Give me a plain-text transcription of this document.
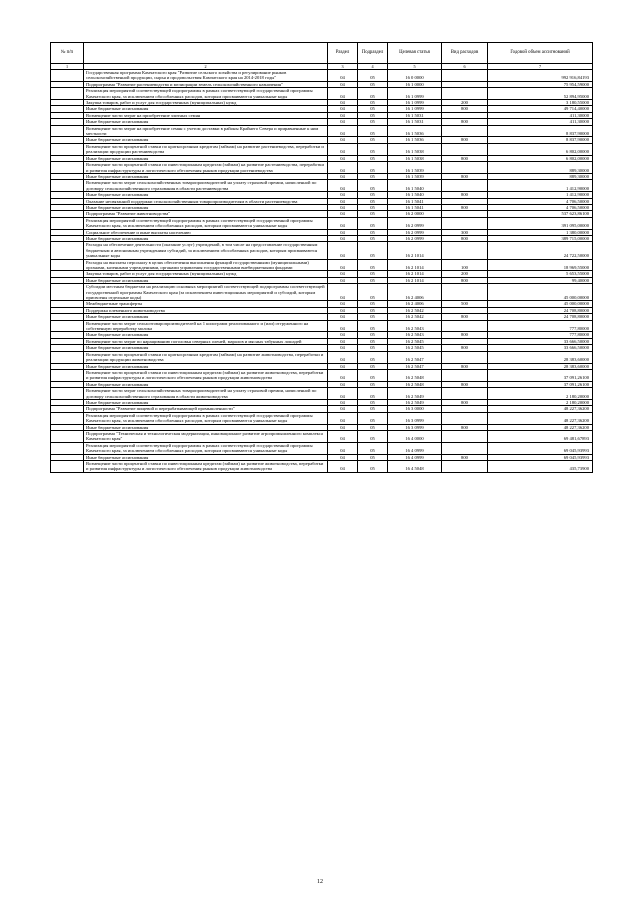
№ п/п		Раздел	Подраздел	Целевая статья	Вид расходов	Годовой объем ассигнований
1	2	3	4	5	6	7
	Государственная программа Камчатского края "Развитие сельского хозяйства и регулирование рынков сельскохозяйственной продукции, сырья и продовольствия Камчатского края на 2014-2018 годы"	04	05	16 0 0000		992 916,84193
	Подпрограмма "Развитие растениеводства и мелиорации земель сельскохозяйственного назначения"	04	05	16 1 0000		75 954,59000
	Реализация мероприятий соответствующей подпрограммы в рамках соответствующей государственной программы Камчатского края, за исключением обособленных расходов, которым присваиваются уникальные коды	04	05	16 1 0999		52 894,95000
	Закупка товаров, работ и услуг для государственных (муниципальных) нужд	04	05	16 1 0999	200	3 180,55000
	Иные бюджетные ассигнования	04	05	16 1 0999	800	49 714,40000
	Возмещение части затрат на приобретение элитных семян	04	05	16 1 5031		411,30000
	Иные бюджетные ассигнования	04	05	16 1 5031	800	411,30000
	Возмещение части затрат на приобретение семян с учетом доставки в районы Крайнего Севера и приравненные к ним местности	04	05	16 1 5036		8 837,90000
	Иные бюджетные ассигнования	04	05	16 1 5036	800	8 837,90000
	Возмещение части процентной ставки по краткосрочным кредитам (займам) на развитие растениеводства, переработки и реализации продукции растениеводства	04	05	16 1 5038		6 802,00000
	Иные бюджетные ассигнования	04	05	16 1 5038	800	6 802,00000
	Возмещение части процентной ставки по инвестиционным кредитам (займам) на развитие растениеводства, переработки и развития инфраструктуры и логистического обеспечения рынков продукции растениеводства	04	05	16 1 5039		889,30000
	Иные бюджетные ассигнования	04	05	16 1 5039	800	889,30000
	Возмещение части затрат сельскохозяйственных товаропроизводителей на уплату страховой премии, начисленной по договору сельскохозяйственного страхования в области растениеводства	04	05	16 1 5040		1 412,90000
	Иные бюджетные ассигнования	04	05	16 1 5040	800	1 412,90000
	Оказание несвязанной поддержки сельскохозяйственным товаропроизводителям в области растениеводства	04	05	16 1 5041		4 706,50000
	Иные бюджетные ассигнования	04	05	16 1 5041	800	4 706,50000
	Подпрограмма "Развитие животноводства"	04	05	16 2 0000		537 623,86100
	Реализация мероприятий соответствующей подпрограммы в рамках соответствующей государственной программы Камчатского края, за исключением обособленных расходов, которым присваиваются уникальные коды	04	05	16 2 0999		391 095,00000
	Социальное обеспечение и иные выплаты населению	04	05	16 2 0999	300	1 380,00000
	Иные бюджетные ассигнования	04	05	16 2 0999	800	389 715,00000
	Расходы на обеспечение деятельности (оказание услуг) учреждений, в том числе на предоставление государственным бюджетным и автономным учреждениям субсидий, за исключением обособленных расходов, которым присваиваются уникальные коды	04	05	16 2 1014		24 722,50000
	Расходы на выплаты персоналу в целях обеспечения выполнения функций государственными (муниципальными) органами, казенными учреждениями, органами управления государственными внебюджетными фондами	04	05	16 2 1014	100	18 969,55000
	Закупка товаров, работ и услуг для государственных (муниципальных) нужд	04	05	16 2 1014	200	5 653,55000
	Иные бюджетные ассигнования	04	05	16 2 1014	800	99,40000
	Субсидии местным бюджетам на реализацию основных мероприятий соответствующей подпрограммы соответствующей государственной программы Камчатского края (за исключением инвестиционных мероприятий и субсидий, которым присвоены отдельные коды)	04	05	16 2 4006		45 000,00000
	Межбюджетные трансферты	04	05	16 2 4006	500	45 000,00000
	Поддержка племенного животноводства	04	05	16 2 5042		24 708,80000
	Иные бюджетные ассигнования	04	05	16 2 5042	800	24 708,80000
	Возмещение части затрат сельхозтоваропроизводителей на 1 килограмм реализованного и (или) отгруженного на собственную переработку молока	04	05	16 2 5043		777,80000
	Иные бюджетные ассигнования	04	05	16 2 5043	800	777,80000
	Возмещение части затрат по наращиванию поголовья северных оленей, маралов и мясных табунных лошадей	04	05	16 2 5045		33 666,50000
	Иные бюджетные ассигнования	04	05	16 2 5045	800	33 666,50000
	Возмещение части процентной ставки по краткосрочным кредитам (займам) на развитие животноводства, переработки и реализации продукции животноводства	04	05	16 2 5047		28 383,60000
	Иные бюджетные ассигнования	04	05	16 2 5047	800	28 383,60000
	Возмещение части процентной ставки по инвестиционным кредитам (займам) на развитие животноводства, переработки и развития инфраструктуры и логистического обеспечения рынков продукции животноводства	04	05	16 2 5048		37 091,26100
	Иные бюджетные ассигнования	04	05	16 2 5048	800	37 091,26100
	Возмещение части затрат сельскохозяйственных товаропроизводителей на уплату страховой премии, начисленной по договору сельскохозяйственного страхования в области животноводства	04	05	16 2 5049		2 180,20000
	Иные бюджетные ассигнования	04	05	16 2 5049	800	2 180,20000
	Подпрограмма "Развитие пищевой и перерабатывающей промышленности"	04	05	16 3 0000		48 227,36200
	Реализация мероприятий соответствующей подпрограммы в рамках соответствующей государственной программы Камчатского края, за исключением обособленных расходов, которым присваиваются уникальные коды	04	05	16 3 0999		48 227,36200
	Иные бюджетные ассигнования	04	05	16 3 0999	800	48 227,36200
	Подпрограмма "Техническая и технологическая модернизация, инновационное развитие агропромышленного комплекса Камчатского края"	04	05	16 4 0000		69 481,67893
	Реализация мероприятий соответствующей подпрограммы в рамках соответствующей государственной программы Камчатского края, за исключением обособленных расходов, которым присваиваются уникальные коды	04	05	16 4 0999		69 045,93993
	Иные бюджетные ассигнования	04	05	16 4 0999	800	69 045,93993
	Возмещение части процентной ставки по инвестиционным кредитам (займам) на развитие животноводства, переработки и развития инфраструктуры и логистического обеспечения рынков продукции животноводства	04	05	16 4 5048		435,73900
12
